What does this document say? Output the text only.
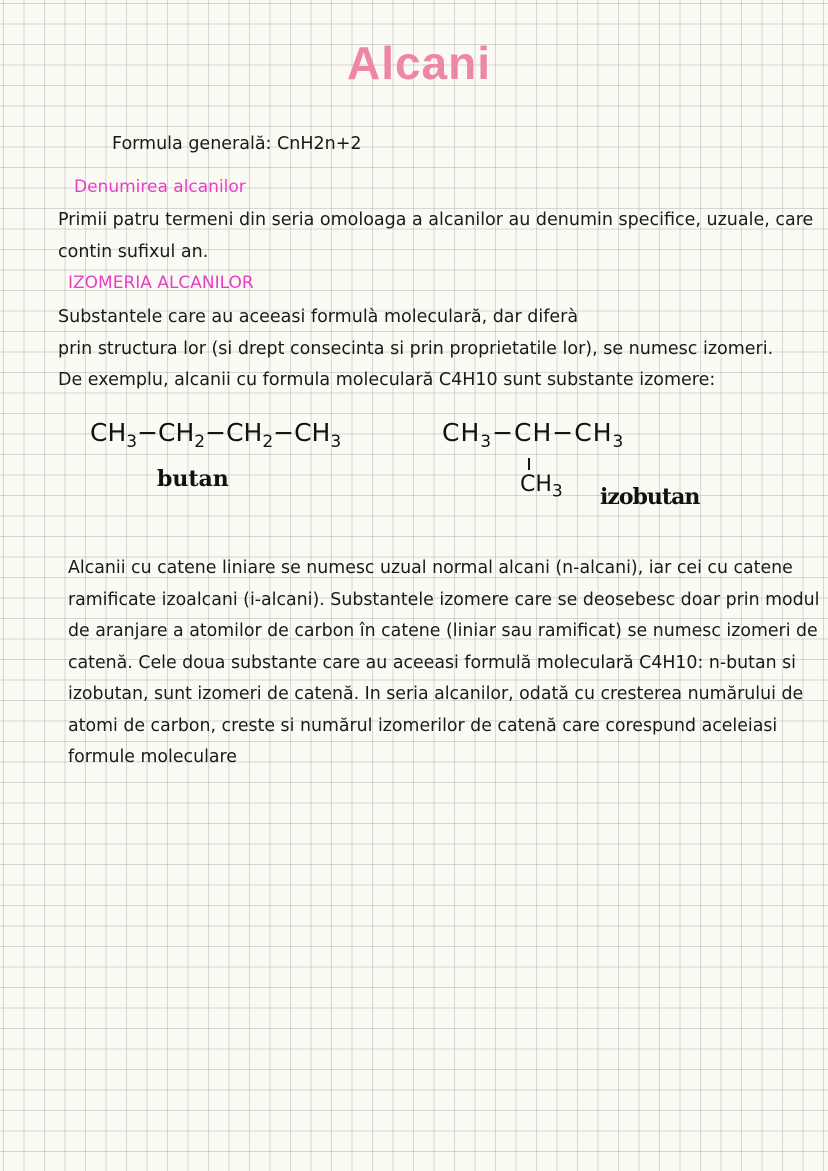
Alcani
Formula generală: CnH2n+2
Denumirea alcanilor
Primii patru termeni din seria omoloaga a alcanilor au denumin specifice, uzuale, care
contin sufixul an.
IZOMERIA ALCANILOR
Substantele care au aceeasi formulà moleculară, dar diferà
prin structura lor (si drept consecinta si prin proprietatile lor), se numesc izomeri.
De exemplu, alcanii cu formula moleculară C4H10 sunt substante izomere:
$CH_3-CH_2-CH_2-CH_3$
butan
$CH_3-CH-CH_3$
$CH_3$ izobutan
Alcanii cu catene liniare se numesc uzual normal alcani (n-alcani), iar cei cu catene
ramificate izoalcani (i-alcani). Substantele izomere care se deosebesc doar prin modul
de aranjare a atomilor de carbon în catene (liniar sau ramificat) se numesc izomeri de
catenă. Cele doua substante care au aceeasi formulă moleculară C4H10: n-butan si
izobutan, sunt izomeri de catenă. In seria alcanilor, odată cu cresterea numărului de
atomi de carbon, creste si numărul izomerilor de catenă care corespund aceleiasi
formule moleculare
